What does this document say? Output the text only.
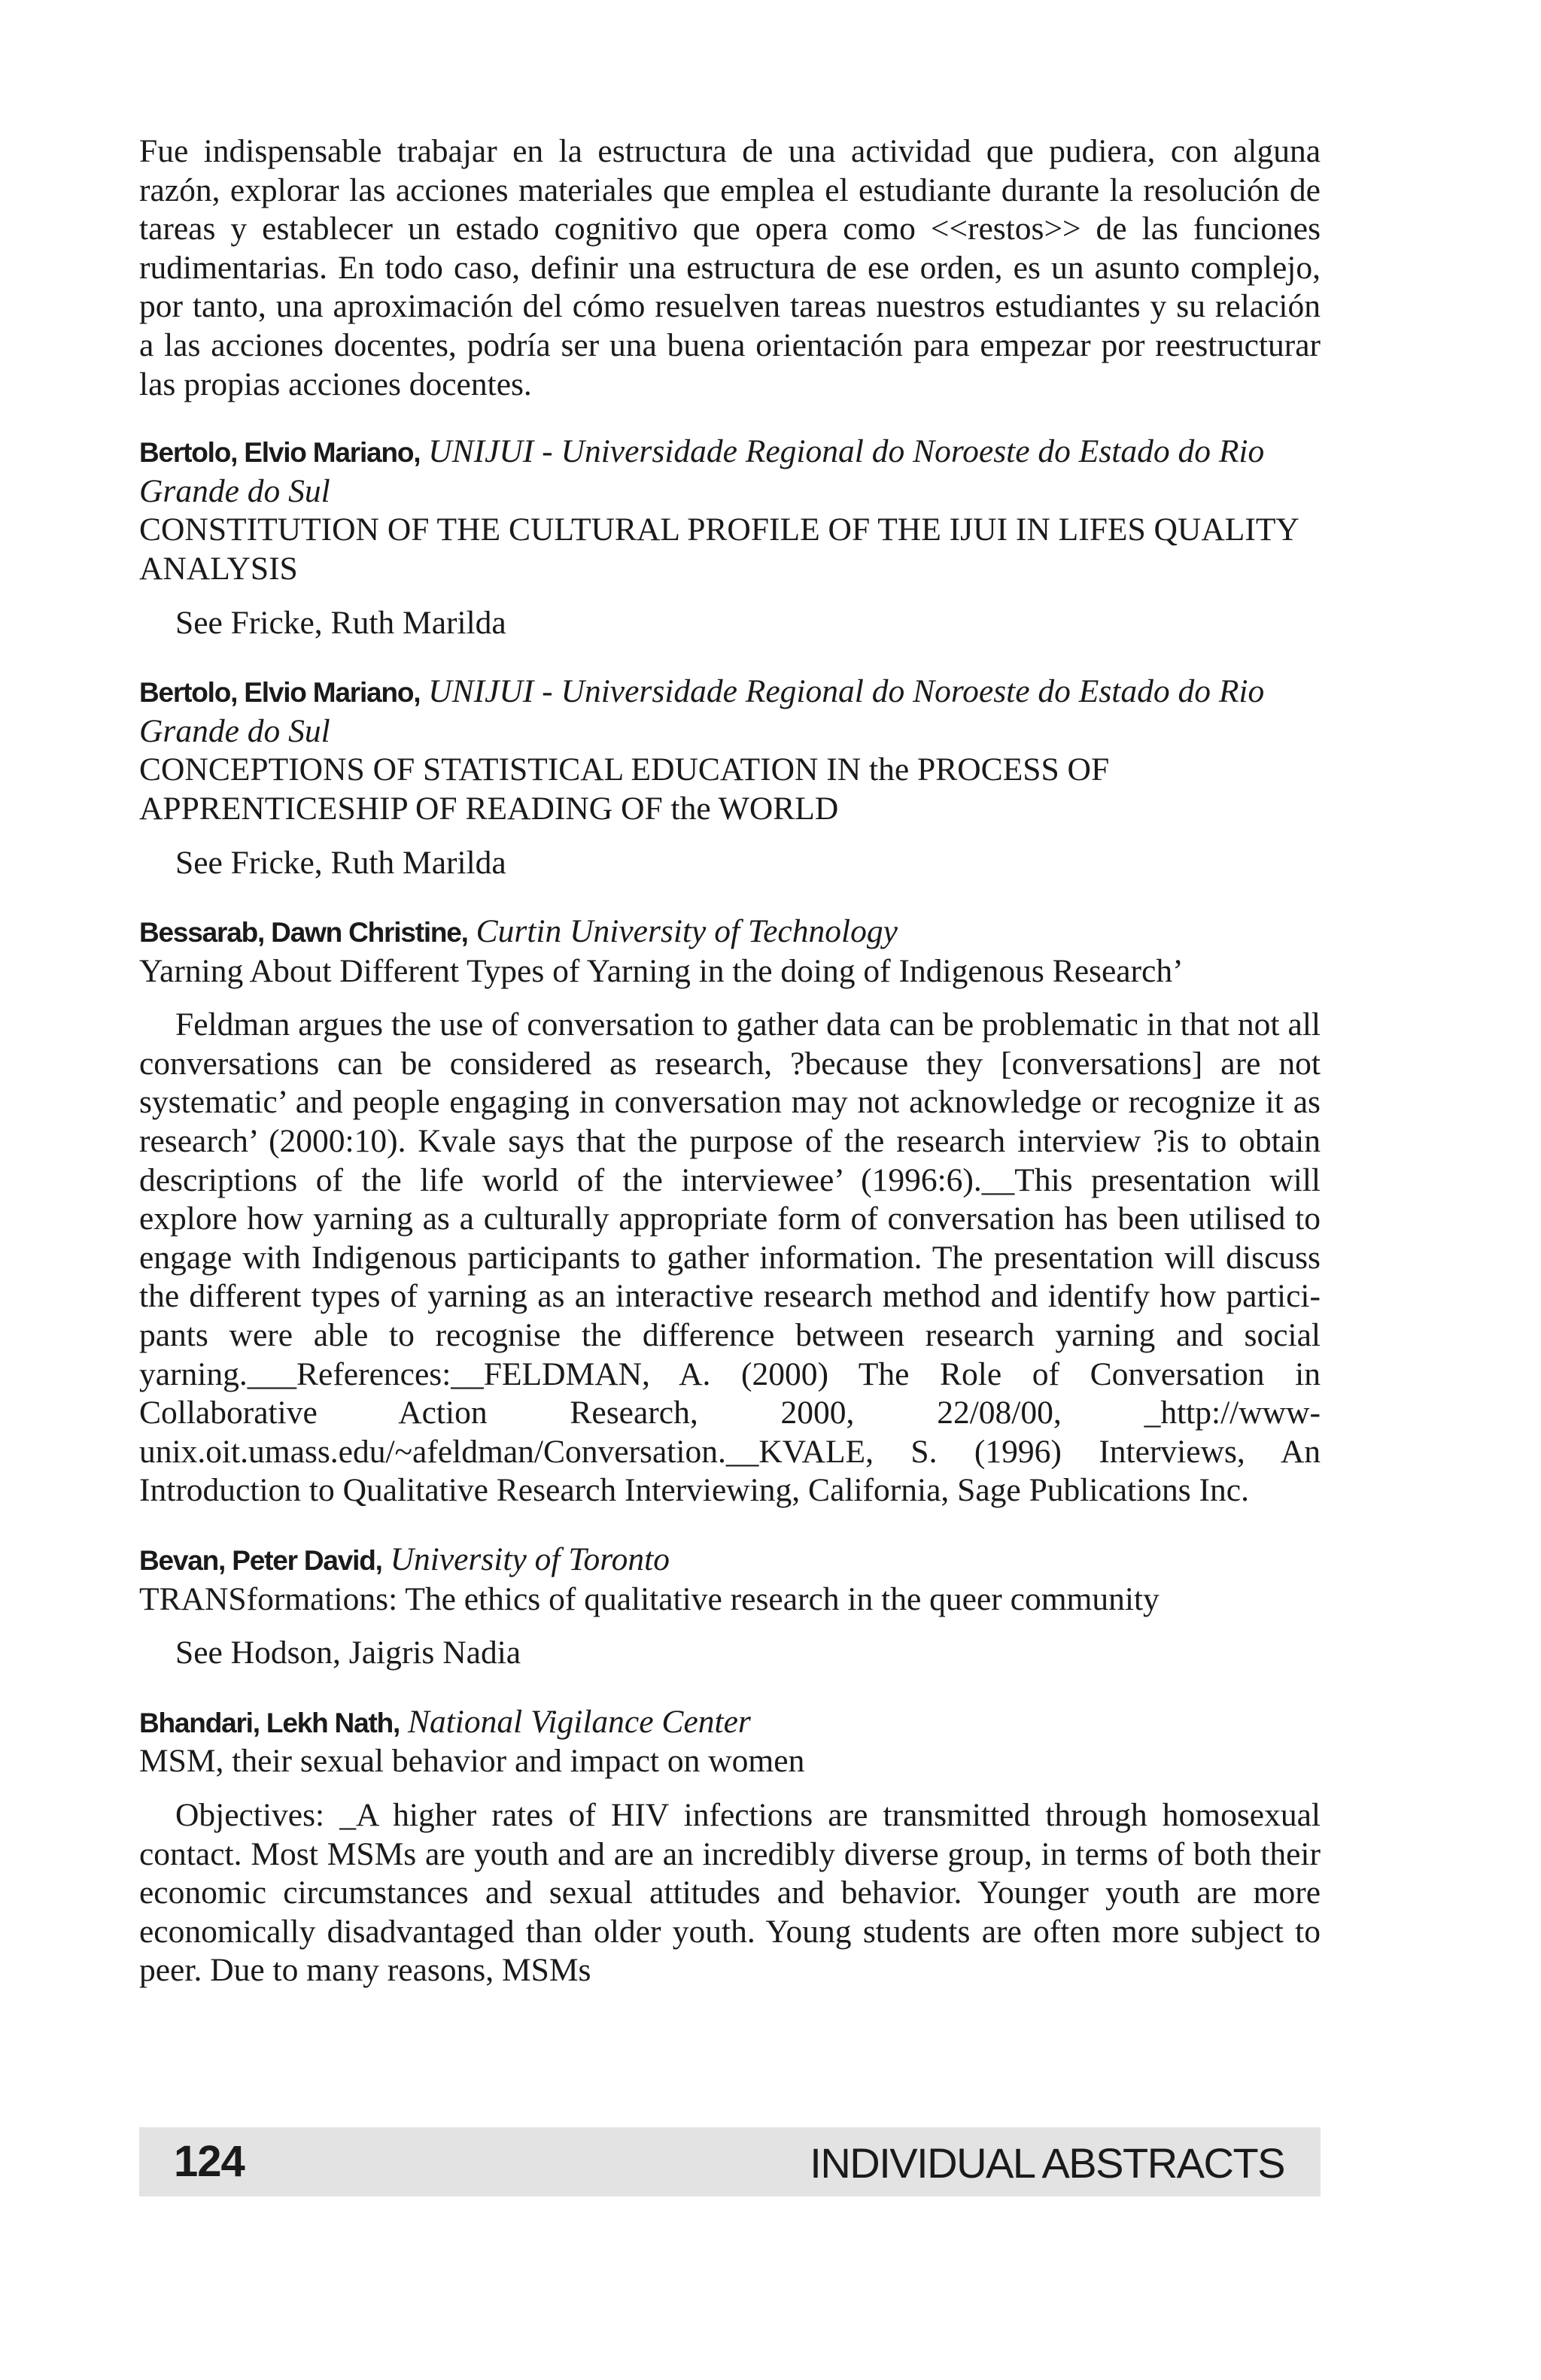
Fue indispensable trabajar en la estructura de una actividad que pudiera, con alguna razón, explorar las acciones materiales que emplea el estudiante durante la resolución de tareas y establecer un estado cognitivo que opera como <<restos>> de las funciones rudimentarias. En todo caso, definir una estructura de ese orden, es un asunto complejo, por tanto, una aproximación del cómo resuelven tareas nuestros estudiantes y su relación a las acciones docentes, podría ser una buena orientación para empezar por reestructurar las propias acciones docentes.

Bertolo, Elvio Mariano, UNIJUI - Universidade Regional do Noroeste do Estado do Rio Grande do Sul

CONSTITUTION OF THE CULTURAL PROFILE OF THE IJUI IN LIFES QUALITY ANALYSIS

See Fricke, Ruth Marilda

Bertolo, Elvio Mariano, UNIJUI - Universidade Regional do Noroeste do Estado do Rio Grande do Sul

CONCEPTIONS OF STATISTICAL EDUCATION IN the PROCESS OF APPRENTICESHIP OF READING OF the WORLD

See Fricke, Ruth Marilda

Bessarab, Dawn Christine, Curtin University of Technology

Yarning About Different Types of Yarning in the doing of Indigenous Research’

Feldman argues the use of conversation to gather data can be problematic in that not all conversations can be considered as research, ?because they [conversations] are not systematic’ and people engaging in conversation may not acknowledge or recognize it as research’ (2000:10). Kvale says that the purpose of the research interview ?is to obtain descriptions of the life world of the interviewee’ (1996:6).__This presentation will explore how yarning as a culturally appropriate form of conversation has been utilised to engage with Indigenous participants to gather information. The presentation will discuss the different types of yarning as an interactive research method and identify how participants were able to recognise the difference between research yarning and social yarning.___References:__FELDMAN, A. (2000) The Role of Conversation in Collaborative Action Research, 2000, 22/08/00, _http://www-unix.oit.umass.edu/~afeldman/Conversation.__KVALE, S. (1996) Interviews, An Introduction to Qualitative Research Interviewing, California, Sage Publications Inc.

Bevan, Peter David, University of Toronto

TRANSformations: The ethics of qualitative research in the queer community

See Hodson, Jaigris Nadia

Bhandari, Lekh Nath, National Vigilance Center

MSM, their sexual behavior and impact on women

Objectives: _A higher rates of HIV infections are transmitted through homosexual contact. Most MSMs are youth and are an incredibly diverse group, in terms of both their economic circumstances and sexual attitudes and behavior. Younger youth are more economically disadvantaged than older youth. Young students are often more subject to peer. Due to many reasons, MSMs

124	INDIVIDUAL ABSTRACTS
